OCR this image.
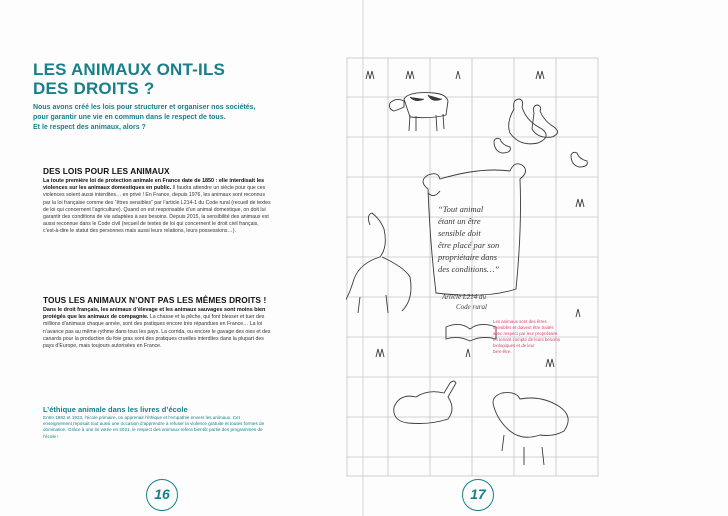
LES ANIMAUX ONT-ILS
DES DROITS ?

Nous avons créé les lois pour structurer et organiser nos sociétés,

pour garantir une vie en commun dans le respect de tous.

Et le respect des animaux, alors ?

DES LOIS POUR LES ANIMAUX
La toute première loi de protection animale en France date de 1850 : elle interdisait les violences sur les animaux domestiques en public. Il faudra attendre un siècle pour que ces violences soient aussi interdites… en privé ! En France, depuis 1976, les animaux sont reconnus par la loi française comme des “êtres sensibles” par l’article L214-1 du Code rural (recueil de textes de loi qui concernent l’agriculture). Quand on est responsable d’un animal domestique, on doit lui garantir des conditions de vie adaptées à ses besoins. Depuis 2015, la sensibilité des animaux est aussi reconnue dans le Code civil (recueil de textes de loi qui concernent le droit civil français, c’est-à-dire le statut des personnes mais aussi leurs relations, leurs possessions…).
TOUS LES ANIMAUX N’ONT PAS LES MÊMES DROITS !
Dans le droit français, les animaux d’élevage et les animaux sauvages sont moins bien protégés que les animaux de compagnie. La chasse et la pêche, qui font blesser et tuer des millions d’animaux chaque année, sont des pratiques encore très répandues en France… La loi n’avance pas au même rythme dans tous les pays. La corrida, ou encore le gavage des oies et des canards pour la production du foie gras sont des pratiques cruelles interdites dans la plupart des pays d’Europe, mais toujours autorisées en France.
L’éthique animale dans les livres d’école
Entre 1882 et 1923, l’école primaire, on apprenait l’éthique et l’empathie envers les animaux. Cet enseignement reposait tout aussi une occasion d’apprendre à refuser la violence gratuite et toutes formes de domination. Grâce à une loi votée en 2021, le respect des animaux refera bientôt partie des programmes de l’école !
16
“Tout animal
étant un être
sensible doit
être placé par son
propriétaire dans
des conditions…”
Article L214 du
Code rural
Les animaux sont des êtres
sensibles et doivent être traités
avec respect par leur propriétaire
en tenant compte de leurs besoins
biologiques et de leur
bien-être.
17
